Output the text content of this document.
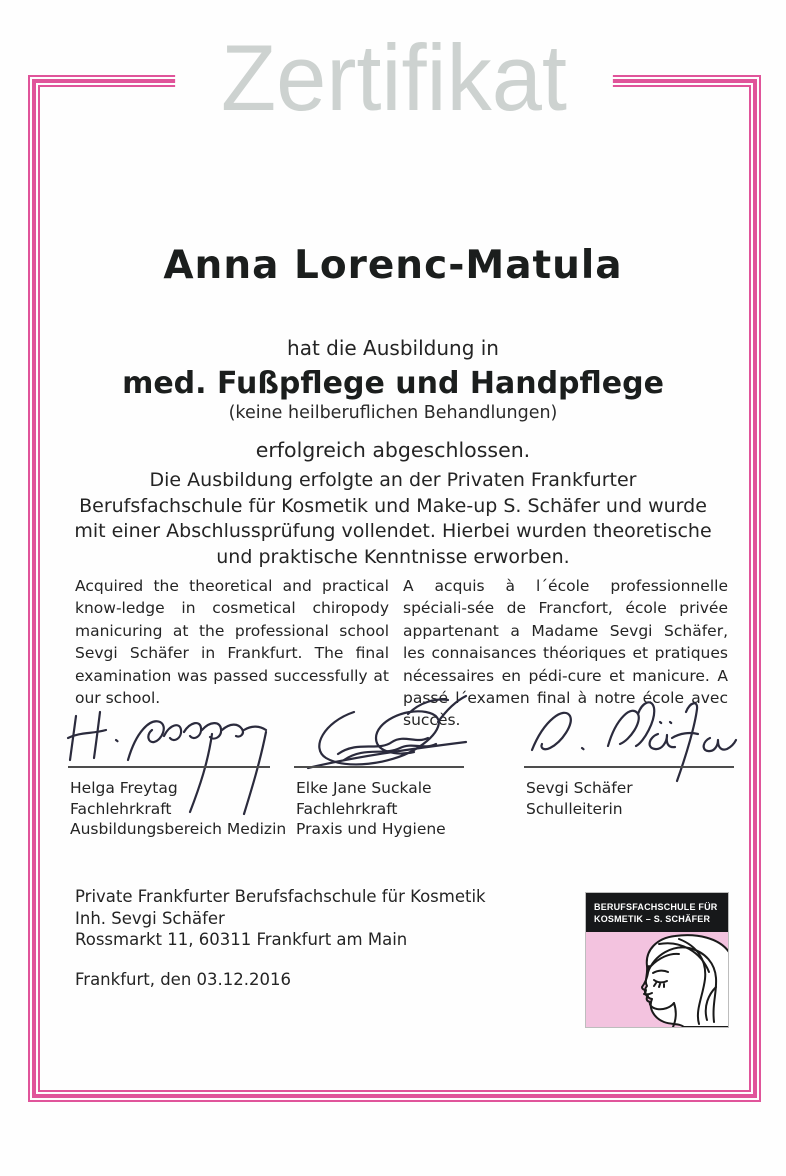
Zertifikat
Anna Lorenc-Matula
hat die Ausbildung in
med. Fußpflege und Handpflege
(keine heilberuflichen Behandlungen)
erfolgreich abgeschlossen.
Die Ausbildung erfolgte an der Privaten Frankfurter Berufsfachschule für Kosmetik und Make-up S. Schäfer und wurde mit einer Abschlussprüfung vollendet. Hierbei wurden theoretische und praktische Kenntnisse erworben.
Acquired the theoretical and practical know-ledge in cosmetical chiropody manicuring at the professional school Sevgi Schäfer in Frankfurt. The final examination was passed successfully at our school.
A acquis à l´école professionnelle spéciali-sée de Francfort, école privée appartenant a Madame Sevgi Schäfer, les connaisances théoriques et pratiques nécessaires en pédi-cure et manicure. A passé l´examen final à notre école avec succès.
Helga Freytag
Fachlehrkraft
Ausbildungsbereich Medizin
Elke Jane Suckale
Fachlehrkraft
Praxis und Hygiene
Sevgi Schäfer
Schulleiterin
Private Frankfurter Berufsfachschule für Kosmetik
Inh. Sevgi Schäfer
Rossmarkt 11, 60311 Frankfurt am Main
Frankfurt, den 03.12.2016
BERUFSFACHSCHULE FÜR
KOSMETIK – S. SCHÄFER
